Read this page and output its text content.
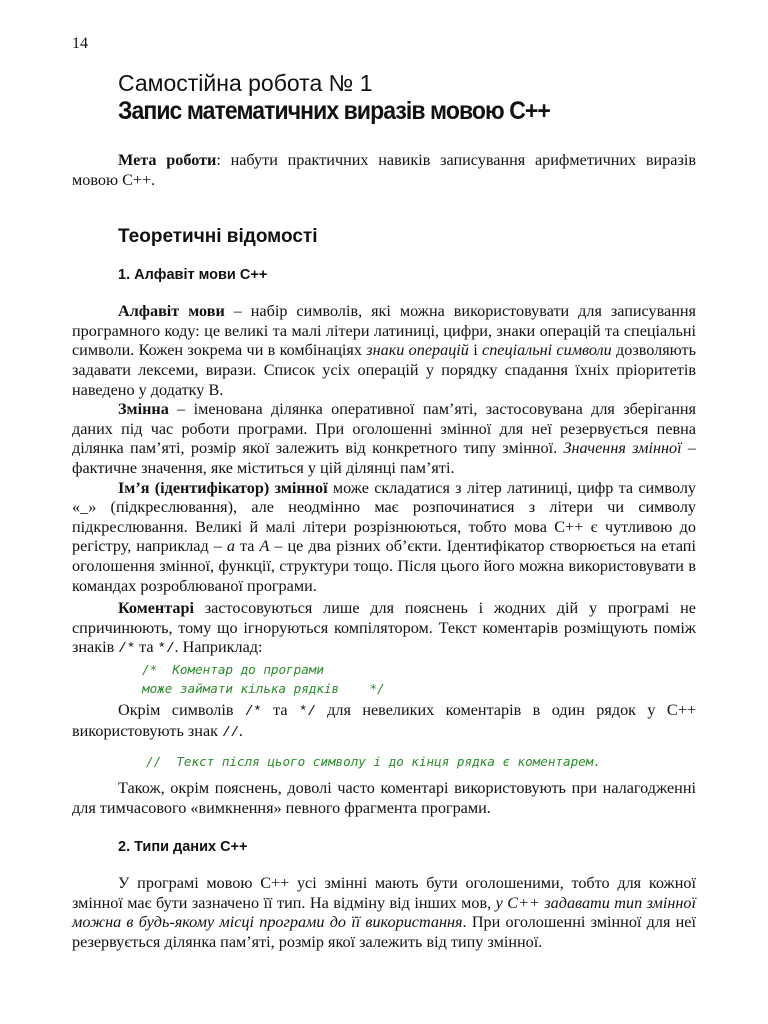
14
Самостійна робота № 1
Запис математичних виразів мовою С++

Мета роботи: набути практичних навиків записування арифметичних виразів мовою С++.

Теоретичні відомості
1. Алфавіт мови С++

Алфавіт мови – набір символів, які можна використовувати для записування програмного коду: це великі та малі літери латиниці, цифри, знаки операцій та спеціальні символи. Кожен зокрема чи в комбінаціях знаки операцій і спеціальні символи дозволяють задавати лексеми, вирази. Список усіх операцій у порядку спадання їхніх пріоритетів наведено у додатку В.

Змінна – іменована ділянка оперативної пам’яті, застосовувана для зберігання даних під час роботи програми. При оголошенні змінної для неї резервується певна ділянка пам’яті, розмір якої залежить від конкретного типу змінної. Значення змінної – фактичне значення, яке міститься у цій ділянці пам’яті.

Ім’я (ідентифікатор) змінної може складатися з літер латиниці, цифр та символу «_» (підкреслювання), але неодмінно має розпочинатися з літери чи символу підкреслювання. Великі й малі літери розрізнюються, тобто мова С++ є чутливою до регістру, наприклад – a та A – це два різних об’єкти. Ідентифікатор створюється на етапі оголошення змінної, функції, структури тощо. Після цього його можна використовувати в командах розроблюваної програми.

Коментарі застосовуються лише для пояснень і жодних дій у програмі не спричинюють, тому що ігноруються компілятором. Текст коментарів розміщують поміж знаків /* та */. Наприклад:

/*  Коментар до програми
може займати кілька рядків    */

Окрім символів /* та */ для невеликих коментарів в один рядок у С++ використовують знак //.

//  Текст після цього символу і до кінця рядка є коментарем.

Також, окрім пояснень, доволі часто коментарі використовують при налагодженні для тимчасового «вимкнення» певного фрагмента програми.

2. Типи даних С++

У програмі мовою С++ усі змінні мають бути оголошеними, тобто для кожної змінної має бути зазначено її тип. На відміну від інших мов, у С++ задавати тип змінної можна в будь-якому місці програми до її використання. При оголошенні змінної для неї резервується ділянка пам’яті, розмір якої залежить від типу змінної.
